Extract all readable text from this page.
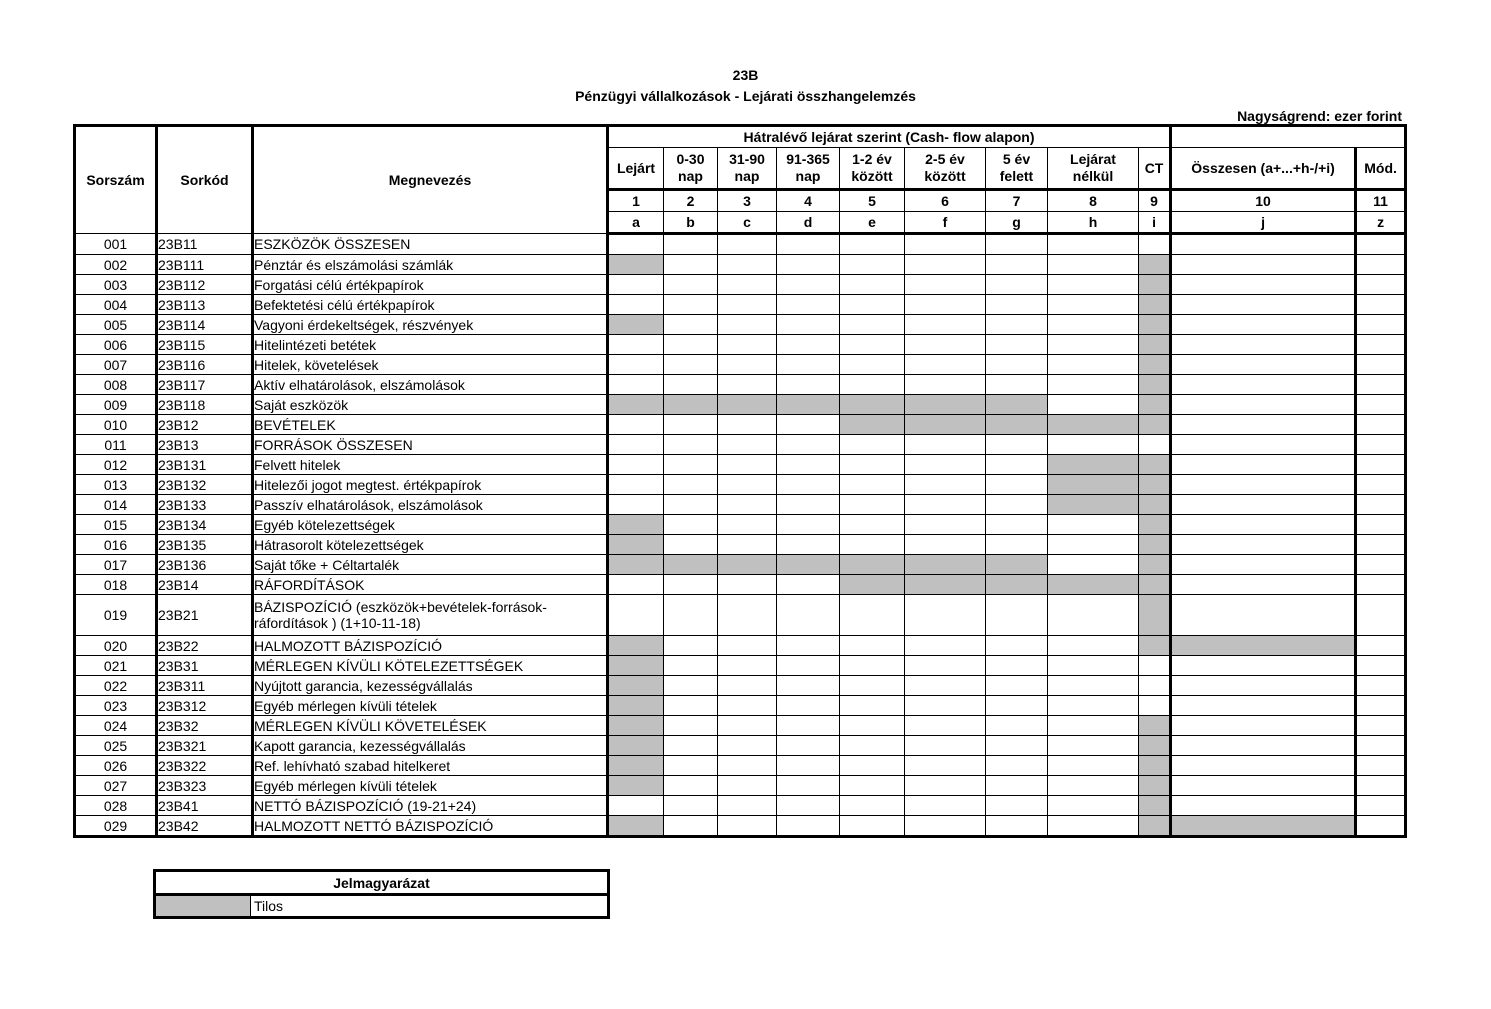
23B
Pénzügyi vállalkozások - Lejárati összhangelemzés
Nagyságrend: ezer forint
Sorszám	Sorkód	Megnevezés	Hátralévő lejárat szerint (Cash- flow alapon)										
			Lejárt	0-30 nap	31-90 nap	91-365 nap	1-2 év között	2-5 év között	5 év felett	Lejárat nélkül	CT	Összesen (a+...+h-/+i)	Mód.
			1	2	3	4	5	6	7	8	9	10	11
			a	b	c	d	e	f	g	h	i	j	z
001	23B11	ESZKÖZÖK ÖSSZESEN											
002	23B111	Pénztár és elszámolási számlák											
003	23B112	Forgatási célú értékpapírok											
004	23B113	Befektetési célú értékpapírok											
005	23B114	Vagyoni érdekeltségek, részvények											
006	23B115	Hitelintézeti betétek											
007	23B116	Hitelek, követelések											
008	23B117	Aktív elhatárolások, elszámolások											
009	23B118	Saját eszközök											
010	23B12	BEVÉTELEK											
011	23B13	FORRÁSOK ÖSSZESEN											
012	23B131	Felvett hitelek											
013	23B132	Hitelezői jogot megtest. értékpapírok											
014	23B133	Passzív elhatárolások, elszámolások											
015	23B134	Egyéb kötelezettségek											
016	23B135	Hátrasorolt kötelezettségek											
017	23B136	Saját tőke + Céltartalék											
018	23B14	RÁFORDÍTÁSOK											
019	23B21	BÁZISPOZÍCIÓ (eszközök+bevételek-források-ráfordítások ) (1+10-11-18)											
020	23B22	HALMOZOTT BÁZISPOZÍCIÓ											
021	23B31	MÉRLEGEN KÍVÜLI KÖTELEZETTSÉGEK											
022	23B311	Nyújtott garancia, kezességvállalás											
023	23B312	Egyéb mérlegen kívüli tételek											
024	23B32	MÉRLEGEN KÍVÜLI KÖVETELÉSEK											
025	23B321	Kapott garancia, kezességvállalás											
026	23B322	Ref. lehívható szabad hitelkeret											
027	23B323	Egyéb mérlegen kívüli tételek											
028	23B41	NETTÓ BÁZISPOZÍCIÓ (19-21+24)											
029	23B42	HALMOZOTT NETTÓ BÁZISPOZÍCIÓ											
Jelmagyarázat
	Tilos
